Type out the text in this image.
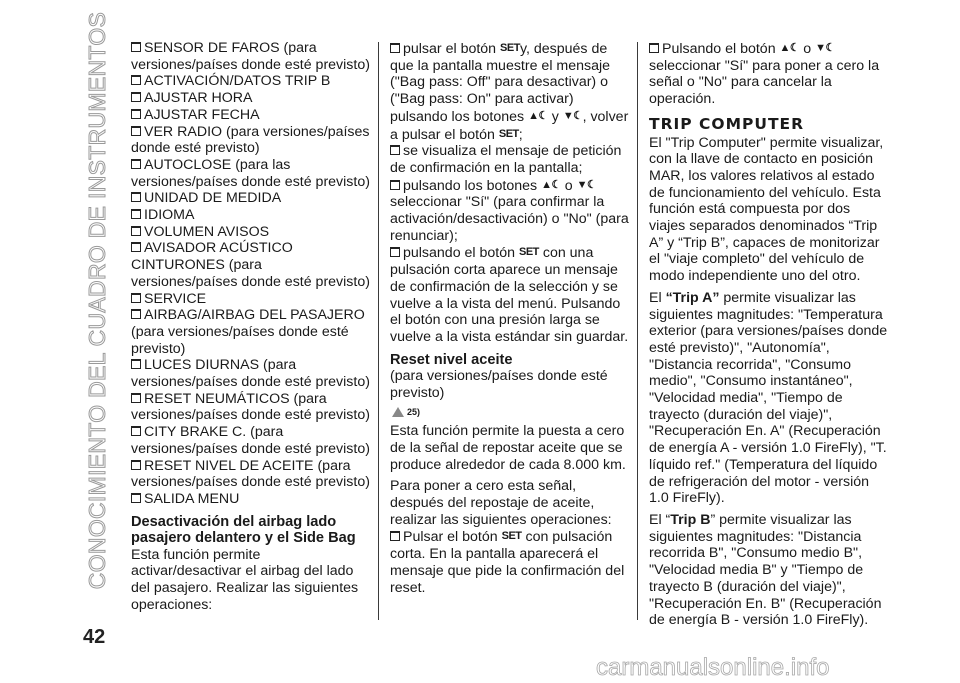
CONOCIMIENTO DEL CUADRO DE INSTRUMENTOS	SENSOR DE FAROS (para versiones/países donde esté previsto)

ACTIVACIÓN/DATOS TRIP B

AJUSTAR HORA

AJUSTAR FECHA

VER RADIO (para versiones/países donde esté previsto)

AUTOCLOSE (para las versiones/países donde esté previsto)

UNIDAD DE MEDIDA

IDIOMA

VOLUMEN AVISOS

AVISADOR ACÚSTICO CINTURONES (para versiones/países donde esté previsto)

SERVICE

AIRBAG/AIRBAG DEL PASAJERO (para versiones/países donde esté previsto)

LUCES DIURNAS (para versiones/países donde esté previsto)

RESET NEUMÁTICOS (para versiones/países donde esté previsto)

CITY BRAKE C. (para versiones/países donde esté previsto)

RESET NIVEL DE ACEITE (para versiones/países donde esté previsto)

SALIDA MENU

Desactivación del airbag lado pasajero delantero y el Side Bag

Esta función permite activar/desactivar el airbag del lado del pasajero. Realizar las siguientes operaciones:

pulsar el botón SETy, después de que la pantalla muestre el mensaje ("Bag pass: Off" para desactivar) o ("Bag pass: On" para activar) pulsando los botones ▲☾ y ▼☾, volver a pulsar el botón SET;

se visualiza el mensaje de petición de confirmación en la pantalla;

pulsando los botones ▲☾ o ▼☾ seleccionar "Sí" (para confirmar la activación/desactivación) o "No" (para renunciar);

pulsando el botón SET con una pulsación corta aparece un mensaje de confirmación de la selección y se vuelve a la vista del menú. Pulsando el botón con una presión larga se vuelve a la vista estándar sin guardar.

Reset nivel aceite

(para versiones/países donde esté previsto)

25)

Esta función permite la puesta a cero de la señal de repostar aceite que se produce alrededor de cada 8.000 km.

Para poner a cero esta señal, después del repostaje de aceite, realizar las siguientes operaciones:

Pulsar el botón SET con pulsación corta. En la pantalla aparecerá el mensaje que pide la confirmación del reset.

Pulsando el botón ▲☾ o ▼☾ seleccionar "Sí" para poner a cero la señal o "No" para cancelar la operación.

TRIP COMPUTER

El "Trip Computer" permite visualizar, con la llave de contacto en posición MAR, los valores relativos al estado de funcionamiento del vehículo. Esta función está compuesta por dos viajes separados denominados “Trip A” y “Trip B”, capaces de monitorizar el "viaje completo" del vehículo de modo independiente uno del otro.

El “Trip A” permite visualizar las siguientes magnitudes: "Temperatura exterior (para versiones/países donde esté previsto)", "Autonomía", "Distancia recorrida", "Consumo medio", "Consumo instantáneo", "Velocidad media", "Tiempo de trayecto (duración del viaje)", "Recuperación En. A" (Recuperación de energía A - versión 1.0 FireFly), "T. líquido ref." (Temperatura del líquido de refrigeración del motor - versión 1.0 FireFly).

El “Trip B” permite visualizar las siguientes magnitudes: "Distancia recorrida B", "Consumo medio B", "Velocidad media B" y "Tiempo de trayecto B (duración del viaje)", "Recuperación En. B" (Recuperación de energía B - versión 1.0 FireFly).

42
carmanualsonline.info
